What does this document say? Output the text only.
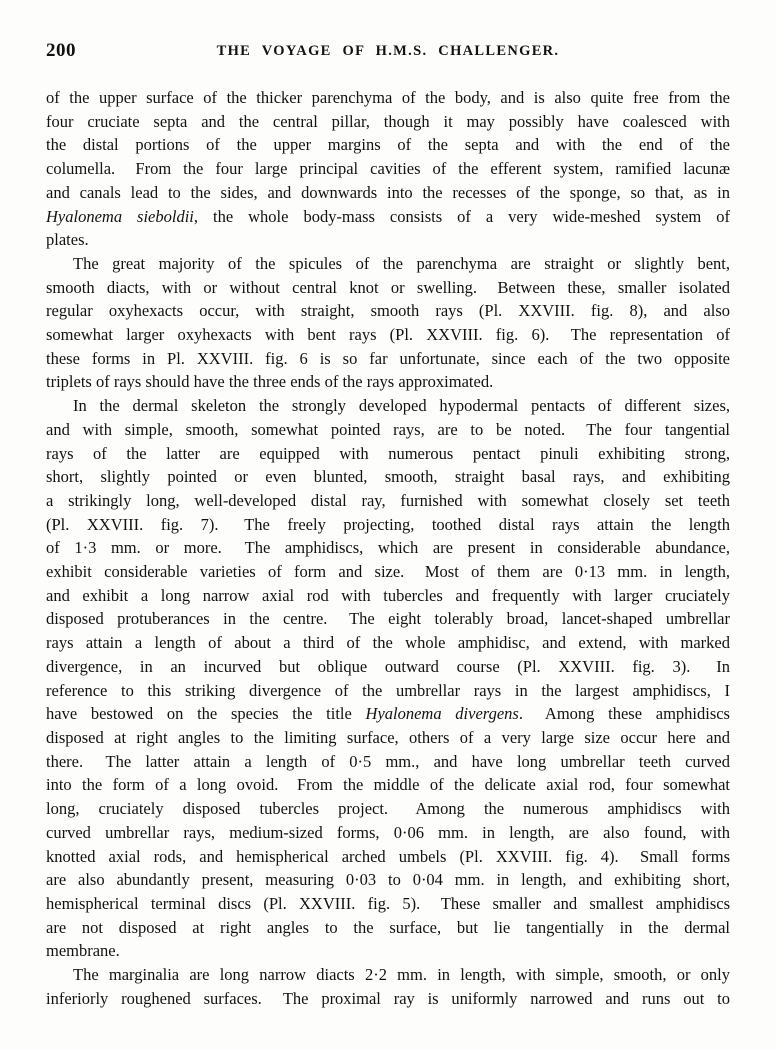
200	THE VOYAGE OF H.M.S. CHALLENGER.
of the upper surface of the thicker parenchyma of the body, and is also quite free from the
four cruciate septa and the central pillar, though it may possibly have coalesced with
the distal portions of the upper margins of the septa and with the end of the
columella.  From the four large principal cavities of the efferent system, ramified lacunæ
and canals lead to the sides, and downwards into the recesses of the sponge, so that, as in
Hyalonema sieboldii, the whole body-mass consists of a very wide-meshed system of
plates.
The great majority of the spicules of the parenchyma are straight or slightly bent,
smooth diacts, with or without central knot or swelling.  Between these, smaller isolated
regular oxyhexacts occur, with straight, smooth rays (Pl. XXVIII. fig. 8), and also
somewhat larger oxyhexacts with bent rays (Pl. XXVIII. fig. 6).  The representation of
these forms in Pl. XXVIII. fig. 6 is so far unfortunate, since each of the two opposite
triplets of rays should have the three ends of the rays approximated.
In the dermal skeleton the strongly developed hypodermal pentacts of different sizes,
and with simple, smooth, somewhat pointed rays, are to be noted.  The four tangential
rays of the latter are equipped with numerous pentact pinuli exhibiting strong,
short, slightly pointed or even blunted, smooth, straight basal rays, and exhibiting
a strikingly long, well-developed distal ray, furnished with somewhat closely set teeth
(Pl. XXVIII. fig. 7).  The freely projecting, toothed distal rays attain the length
of 1·3 mm. or more.  The amphidiscs, which are present in considerable abundance,
exhibit considerable varieties of form and size.  Most of them are 0·13 mm. in length,
and exhibit a long narrow axial rod with tubercles and frequently with larger cruciately
disposed protuberances in the centre.  The eight tolerably broad, lancet-shaped umbrellar
rays attain a length of about a third of the whole amphidisc, and extend, with marked
divergence, in an incurved but oblique outward course (Pl. XXVIII. fig. 3).  In
reference to this striking divergence of the umbrellar rays in the largest amphidiscs, I
have bestowed on the species the title Hyalonema divergens.  Among these amphidiscs
disposed at right angles to the limiting surface, others of a very large size occur here and
there.  The latter attain a length of 0·5 mm., and have long umbrellar teeth curved
into the form of a long ovoid.  From the middle of the delicate axial rod, four somewhat
long, cruciately disposed tubercles project.  Among the numerous amphidiscs with
curved umbrellar rays, medium-sized forms, 0·06 mm. in length, are also found, with
knotted axial rods, and hemispherical arched umbels (Pl. XXVIII. fig. 4).  Small forms
are also abundantly present, measuring 0·03 to 0·04 mm. in length, and exhibiting short,
hemispherical terminal discs (Pl. XXVIII. fig. 5).  These smaller and smallest amphidiscs
are not disposed at right angles to the surface, but lie tangentially in the dermal
membrane.
The marginalia are long narrow diacts 2·2 mm. in length, with simple, smooth, or only
inferiorly roughened surfaces.  The proximal ray is uniformly narrowed and runs out to
